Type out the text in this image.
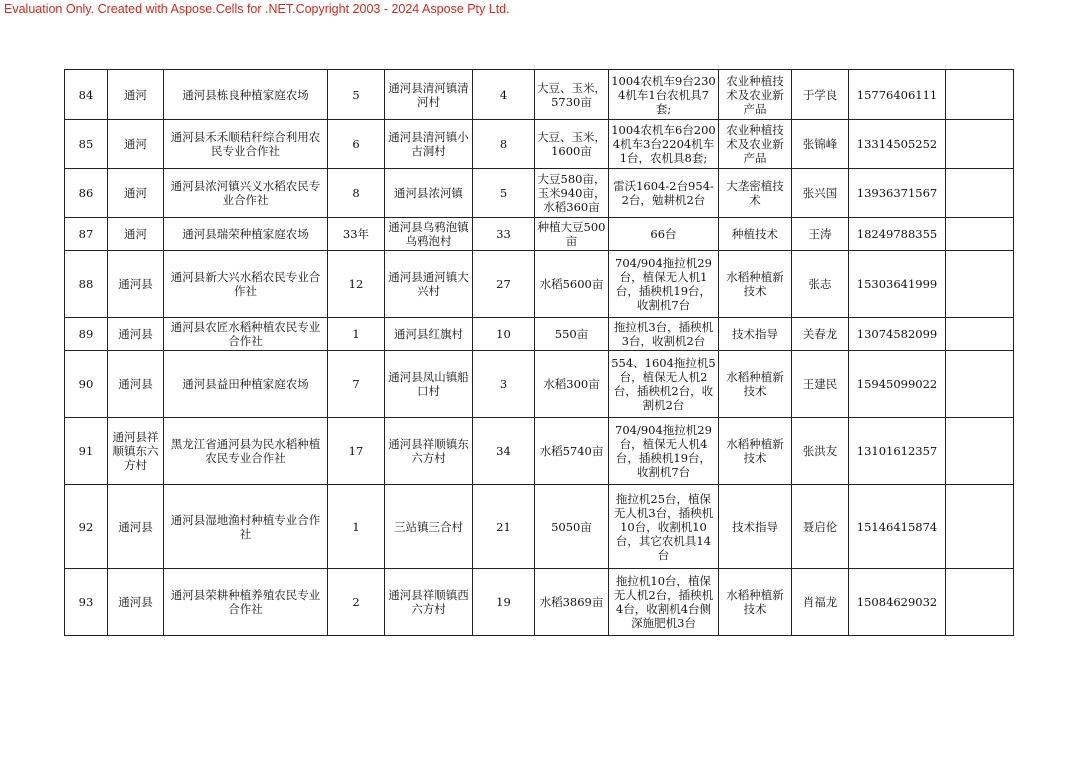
Evaluation Only. Created with Aspose.Cells for .NET.Copyright 2003 - 2024 Aspose Pty Ltd.
84	通河	通河县栋良种植家庭农场	5	通河县清河镇清河村	4	大豆、玉米，5730亩	1004农机车9台2304机车1台农机具7套;	农业种植技术及农业新产品	于学良	15776406111	
85	通河	通河县禾禾顺秸秆综合利用农民专业合作社	6	通河县清河镇小古洞村	8	大豆、玉米，1600亩	1004农机车6台2004机车3台2204机车1台，农机具8套;	农业种植技术及农业新产品	张锦峰	13314505252	
86	通河	通河县浓河镇兴义水稻农民专业合作社	8	通河县浓河镇	5	大豆580亩，玉米940亩，水稻360亩	雷沃1604-2台954-2台，勉耕机2台	大垄密植技术	张兴国	13936371567	
87	通河	通河县瑞荣种植家庭农场	33年	通河县乌鸦泡镇乌鸦泡村	33	种植大豆500亩	66台	种植技术	王涛	18249788355	
88	通河县	通河县新大兴水稻农民专业合作社	12	通河县通河镇大兴村	27	水稻5600亩	704/904拖拉机29台，植保无人机1台，插秧机19台，收割机7台	水稻种植新技术	张志	15303641999	
89	通河县	通河县农匠水稻种植农民专业合作社	1	通河县红旗村	10	550亩	拖拉机3台，插秧机3台，收割机2台	技术指导	关春龙	13074582099	
90	通河县	通河县益田种植家庭农场	7	通河县凤山镇船口村	3	水稻300亩	554、1604拖拉机5台，植保无人机2台，插秧机2台，收割机2台	水稻种植新技术	王建民	15945099022	
91	通河县祥顺镇东六方村	黑龙江省通河县为民水稻种植农民专业合作社	17	通河县祥顺镇东六方村	34	水稻5740亩	704/904拖拉机29台，植保无人机4台，插秧机19台，收割机7台	水稻种植新技术	张洪友	13101612357	
92	通河县	通河县湿地渔村种植专业合作社	1	三站镇三合村	21	5050亩	拖拉机25台，植保无人机3台，插秧机10台，收割机10台，其它农机具14台	技术指导	聂启伦	15146415874	
93	通河县	通河县荣耕种植养殖农民专业合作社	2	通河县祥顺镇西六方村	19	水稻3869亩	拖拉机10台，植保无人机2台，插秧机4台，收割机4台侧深施肥机3台	水稻种植新技术	肖福龙	15084629032	
